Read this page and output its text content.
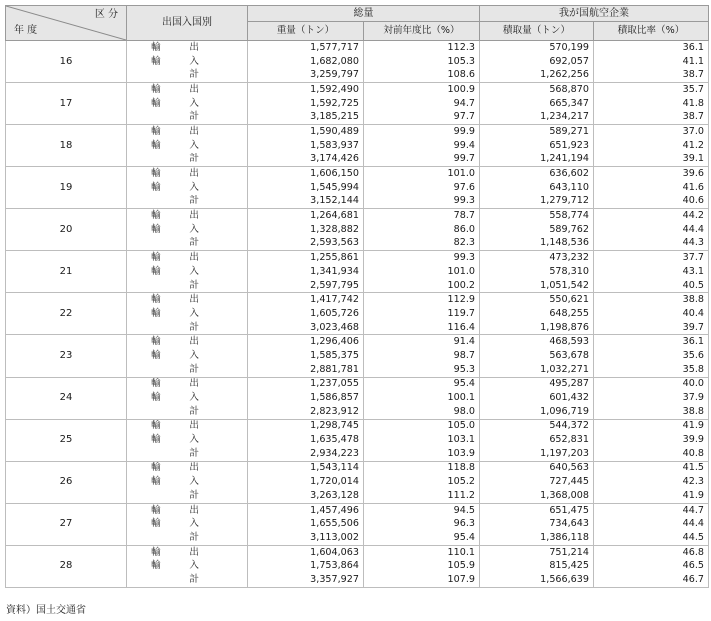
区 分
年 度	出国入国別	総量		我が国航空企業	
		重量（トン）	対前年度比（%）	積取量（トン）	積取比率（%）
16	輸 出	1,577,717	112.3	570,199	36.1
	輸 入	1,682,080	105.3	692,057	41.1
	計	3,259,797	108.6	1,262,256	38.7
17	輸 出	1,592,490	100.9	568,870	35.7
	輸 入	1,592,725	94.7	665,347	41.8
	計	3,185,215	97.7	1,234,217	38.7
18	輸 出	1,590,489	99.9	589,271	37.0
	輸 入	1,583,937	99.4	651,923	41.2
	計	3,174,426	99.7	1,241,194	39.1
19	輸 出	1,606,150	101.0	636,602	39.6
	輸 入	1,545,994	97.6	643,110	41.6
	計	3,152,144	99.3	1,279,712	40.6
20	輸 出	1,264,681	78.7	558,774	44.2
	輸 入	1,328,882	86.0	589,762	44.4
	計	2,593,563	82.3	1,148,536	44.3
21	輸 出	1,255,861	99.3	473,232	37.7
	輸 入	1,341,934	101.0	578,310	43.1
	計	2,597,795	100.2	1,051,542	40.5
22	輸 出	1,417,742	112.9	550,621	38.8
	輸 入	1,605,726	119.7	648,255	40.4
	計	3,023,468	116.4	1,198,876	39.7
23	輸 出	1,296,406	91.4	468,593	36.1
	輸 入	1,585,375	98.7	563,678	35.6
	計	2,881,781	95.3	1,032,271	35.8
24	輸 出	1,237,055	95.4	495,287	40.0
	輸 入	1,586,857	100.1	601,432	37.9
	計	2,823,912	98.0	1,096,719	38.8
25	輸 出	1,298,745	105.0	544,372	41.9
	輸 入	1,635,478	103.1	652,831	39.9
	計	2,934,223	103.9	1,197,203	40.8
26	輸 出	1,543,114	118.8	640,563	41.5
	輸 入	1,720,014	105.2	727,445	42.3
	計	3,263,128	111.2	1,368,008	41.9
27	輸 出	1,457,496	94.5	651,475	44.7
	輸 入	1,655,506	96.3	734,643	44.4
	計	3,113,002	95.4	1,386,118	44.5
28	輸 出	1,604,063	110.1	751,214	46.8
	輸 入	1,753,864	105.9	815,425	46.5
	計	3,357,927	107.9	1,566,639	46.7
資料）国土交通省
